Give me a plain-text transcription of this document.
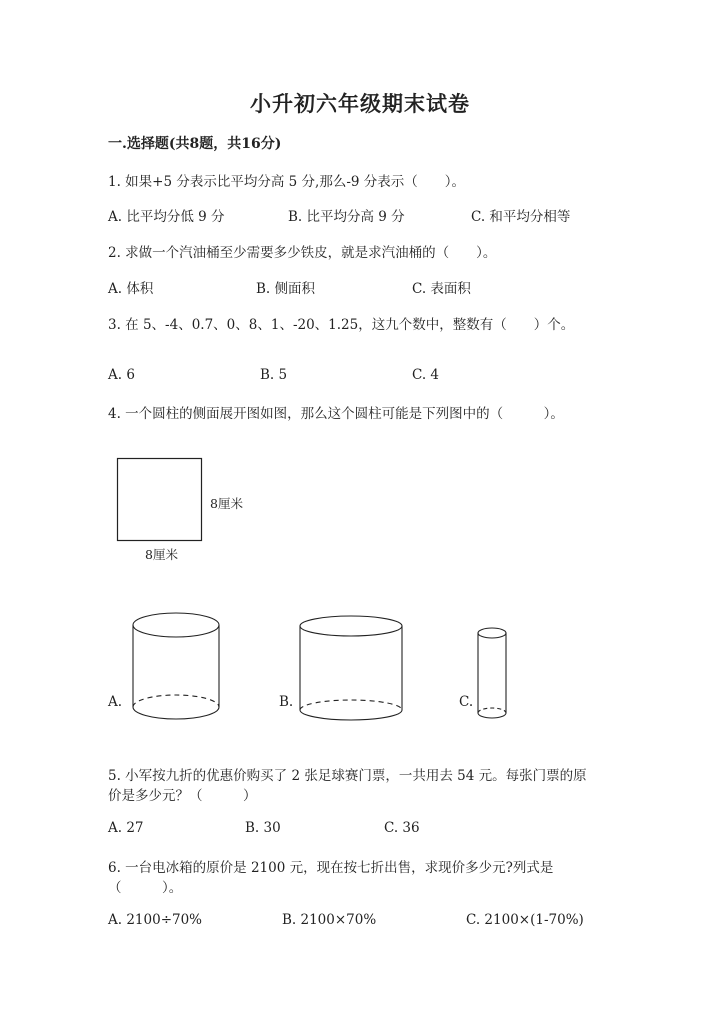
小升初六年级期末试卷
一.选择题(共8题，共16分)
1. 如果+5 分表示比平均分高 5 分,那么-9 分表示（　　）。
A. 比平均分低 9 分	B. 比平均分高 9 分	C. 和平均分相等
2. 求做一个汽油桶至少需要多少铁皮，就是求汽油桶的（　　）。
A. 体积	B. 侧面积	C. 表面积
3. 在 5、-4、0.7、0、8、1、-20、1.25，这九个数中，整数有（　　）个。
A. 6	B. 5	C. 4
4. 一个圆柱的侧面展开图如图，那么这个圆柱可能是下列图中的（　　　）。
8厘米
8厘米
A.	B.	C.
5. 小军按九折的优惠价购买了 2 张足球赛门票，一共用去 54 元。每张门票的原
价是多少元？（　　　）
A. 27	B. 30	C. 36
6. 一台电冰箱的原价是 2100 元，现在按七折出售，求现价多少元?列式是
（　　　）。
A. 2100÷70%	B. 2100×70%	C. 2100×(1-70%)
